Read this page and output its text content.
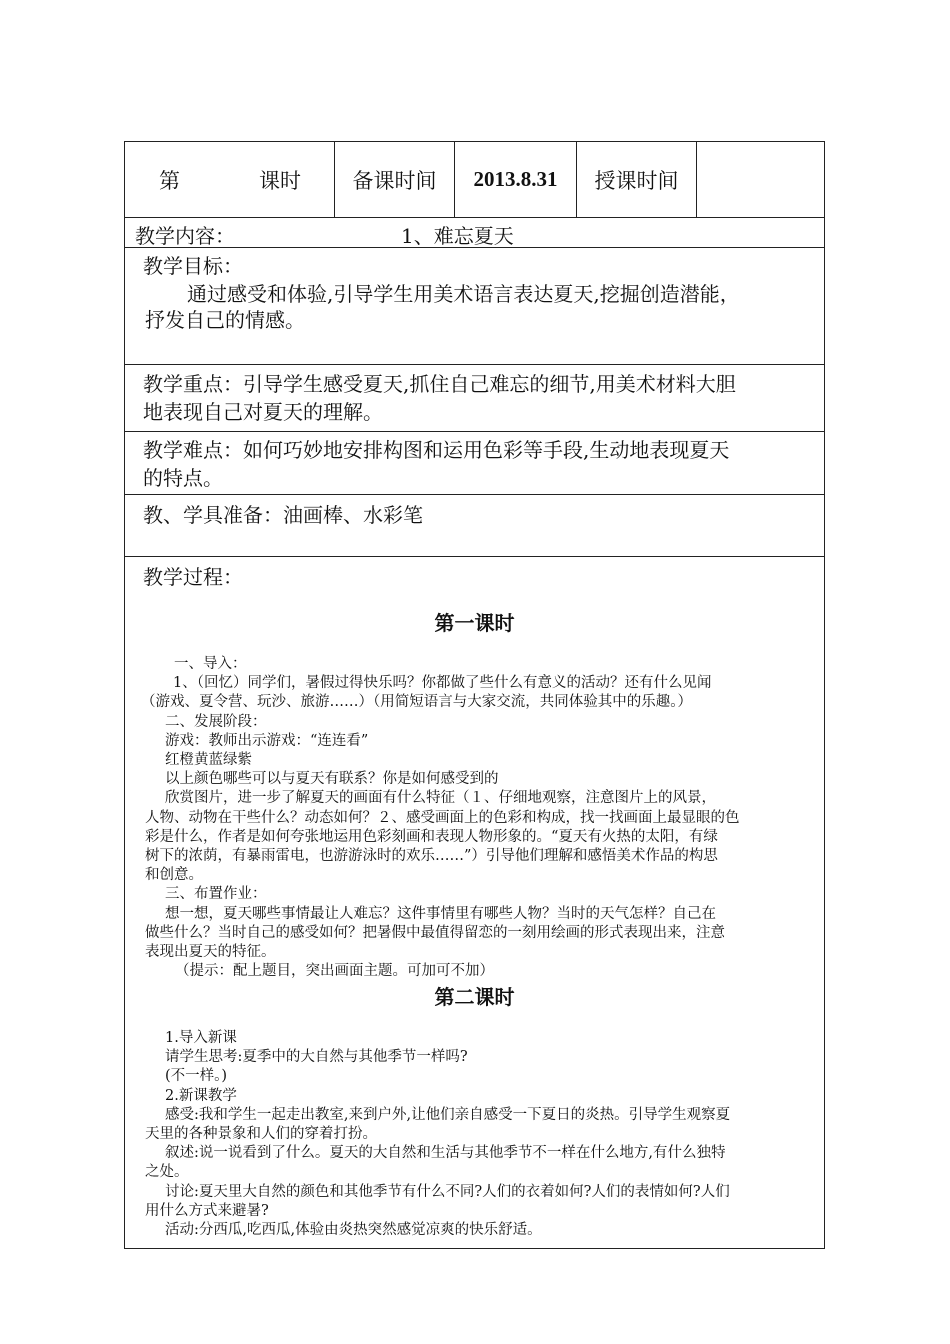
第	课时	备课时间	2013.8.31	授课时间
教学内容：	1、难忘夏天
教学目标：
通过感受和体验,引导学生用美术语言表达夏天,挖掘创造潜能，
抒发自己的情感。
教学重点：引导学生感受夏天,抓住自己难忘的细节,用美术材料大胆
地表现自己对夏天的理解。
教学难点：如何巧妙地安排构图和运用色彩等手段,生动地表现夏天
的特点。
教、学具准备：油画棒、水彩笔
教学过程：
第一课时

一、导入：

1、（回忆）同学们，暑假过得快乐吗？你都做了些什么有意义的活动？还有什么见闻

（游戏、夏令营、玩沙、旅游……）（用简短语言与大家交流，共同体验其中的乐趣。）

二、发展阶段：

游戏：教师出示游戏：“连连看”

红橙黄蓝绿紫

以上颜色哪些可以与夏天有联系？你是如何感受到的

欣赏图片，进一步了解夏天的画面有什么特征（１、仔细地观察，注意图片上的风景，

人物、动物在干些什么？动态如何？２、感受画面上的色彩和构成，找一找画面上最显眼的色

彩是什么，作者是如何夸张地运用色彩刻画和表现人物形象的。“夏天有火热的太阳，有绿

树下的浓荫，有暴雨雷电，也游游泳时的欢乐……”）引导他们理解和感悟美术作品的构思

和创意。

三、布置作业：

想一想，夏天哪些事情最让人难忘？这件事情里有哪些人物？当时的天气怎样？自己在

做些什么？当时自己的感受如何？把暑假中最值得留恋的一刻用绘画的形式表现出来，注意

表现出夏天的特征。

（提示：配上题目，突出画面主题。可加可不加）

第二课时

1.导入新课

请学生思考:夏季中的大自然与其他季节一样吗?

(不一样。)

2.新课教学

感受:我和学生一起走出教室,来到户外,让他们亲自感受一下夏日的炎热。引导学生观察夏

天里的各种景象和人们的穿着打扮。

叙述:说一说看到了什么。夏天的大自然和生活与其他季节不一样在什么地方,有什么独特

之处。

讨论:夏天里大自然的颜色和其他季节有什么不同?人们的衣着如何?人们的表情如何?人们

用什么方式来避暑?

活动:分西瓜,吃西瓜,体验由炎热突然感觉凉爽的快乐舒适。
